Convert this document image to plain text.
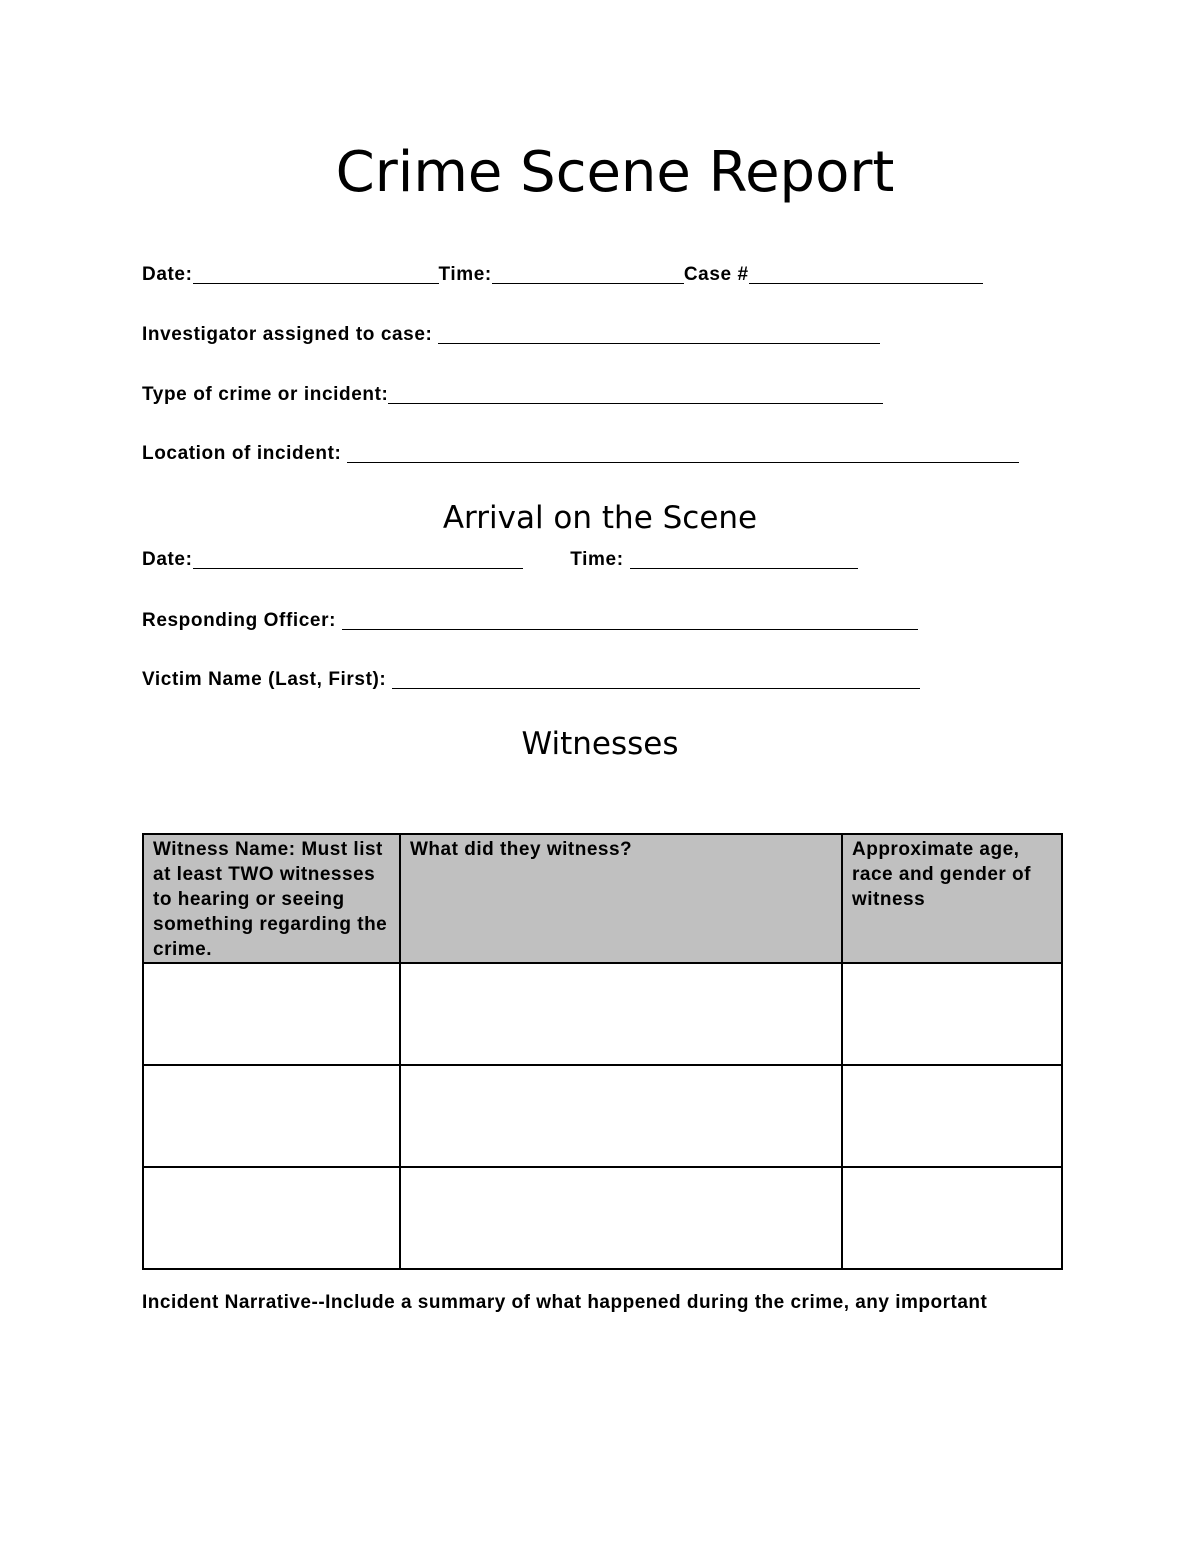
Crime Scene Report
Date:	Time:	Case #
Investigator assigned to case:
Type of crime or incident:
Location of incident:
Arrival on the Scene
Date:	Time:
Responding Officer:
Victim Name (Last, First):
Witnesses
Witness Name: Must list at least TWO witnesses to hearing or seeing something regarding the crime.	What did they witness?	Approximate age, race and gender of witness

Incident Narrative--Include a summary of what happened during the crime, any important
